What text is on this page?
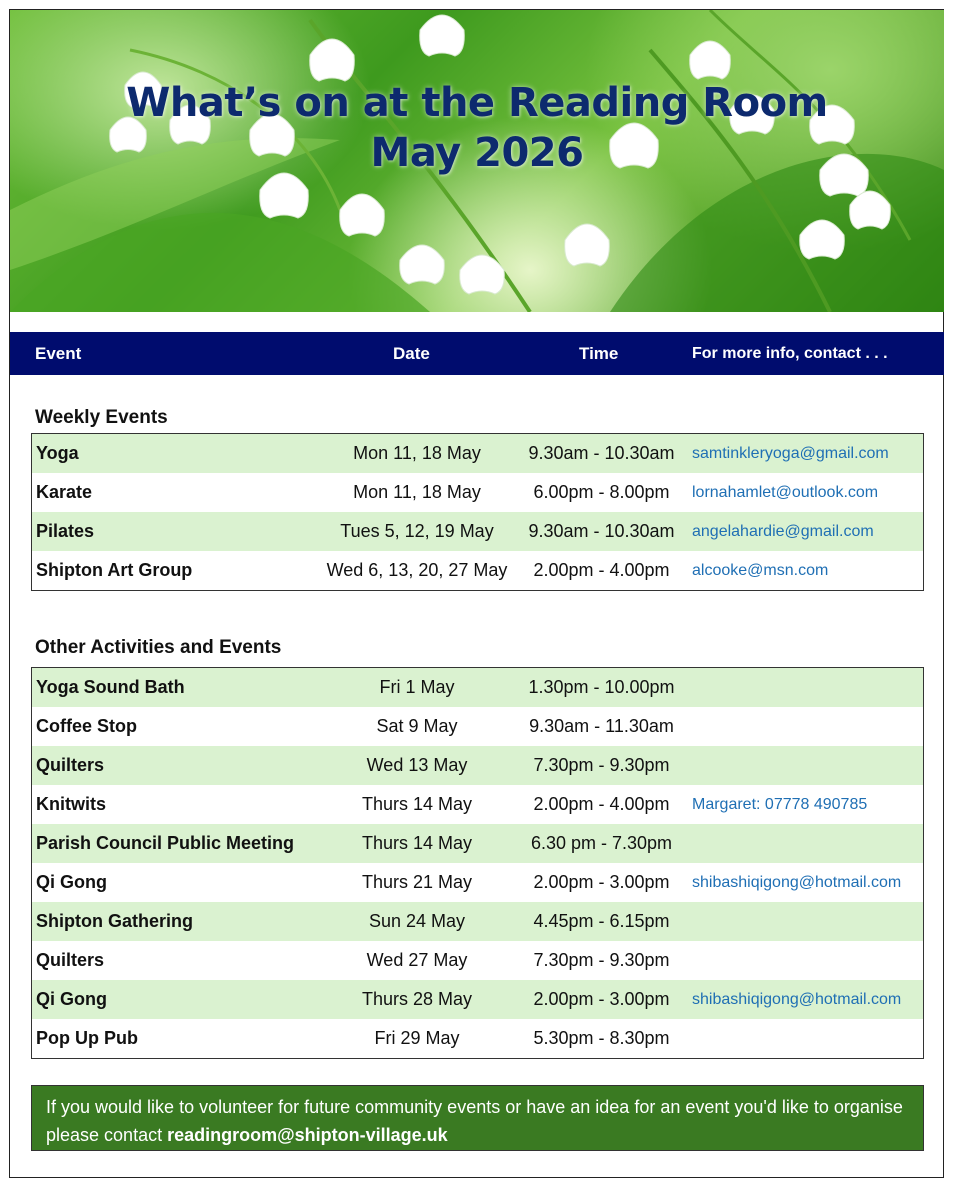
What’s on at the Reading Room
May 2026
Event	Date	Time	For more info, contact . . .
Weekly Events
Yoga	Mon 11, 18 May	9.30am - 10.30am	samtinkleryoga@gmail.com
Karate	Mon 11, 18 May	6.00pm - 8.00pm	lornahamlet@outlook.com
Pilates	Tues 5, 12, 19 May	9.30am - 10.30am	angelahardie@gmail.com
Shipton Art Group	Wed 6, 13, 20, 27 May	2.00pm - 4.00pm	alcooke@msn.com
Other Activities and Events
Yoga Sound Bath	Fri 1 May	1.30pm - 10.00pm
Coffee Stop	Sat 9 May	9.30am - 11.30am
Quilters	Wed 13 May	7.30pm - 9.30pm
Knitwits	Thurs 14 May	2.00pm - 4.00pm	Margaret: 07778 490785
Parish Council Public Meeting	Thurs 14 May	6.30 pm - 7.30pm
Qi Gong	Thurs 21 May	2.00pm - 3.00pm	shibashiqigong@hotmail.com
Shipton Gathering	Sun 24 May	4.45pm - 6.15pm
Quilters	Wed 27 May	7.30pm - 9.30pm
Qi Gong	Thurs 28 May	2.00pm - 3.00pm	shibashiqigong@hotmail.com
Pop Up Pub	Fri 29 May	5.30pm - 8.30pm
If you would like to volunteer for future community events or have an idea for an event you'd like to organise please contact readingroom@shipton-village.uk
